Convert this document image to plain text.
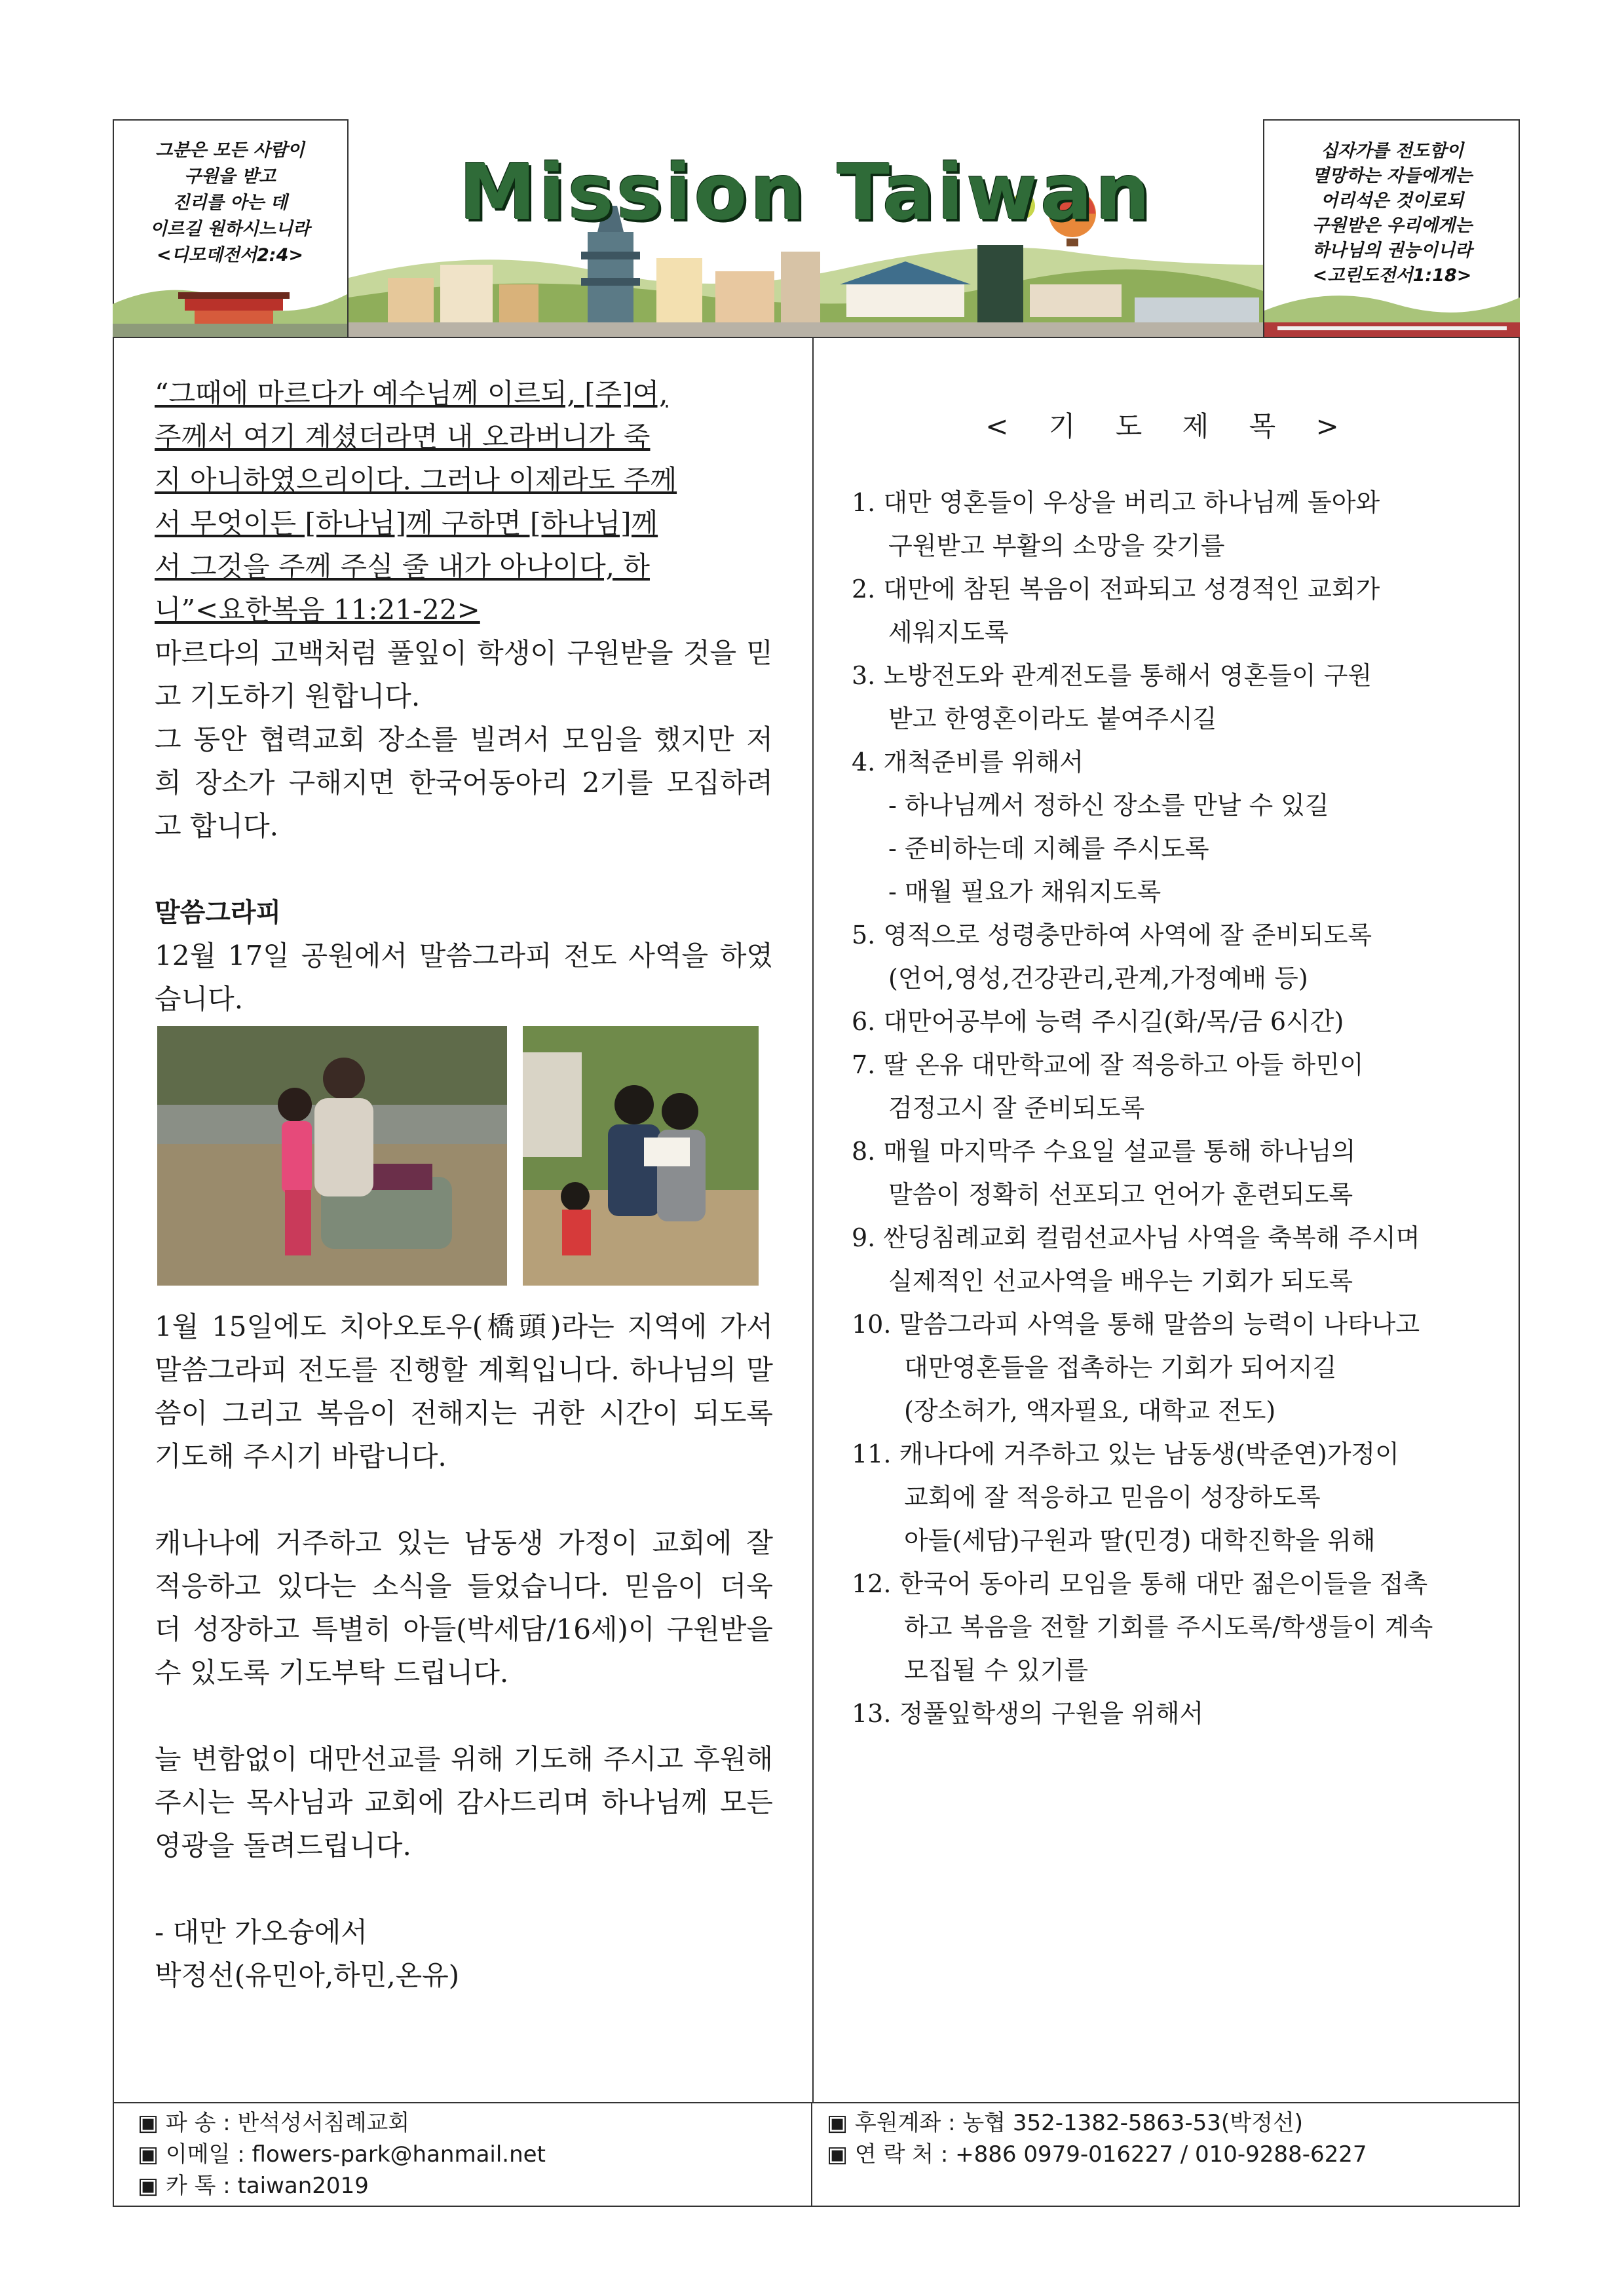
그분은 모든 사람이
구원을 받고
진리를 아는 데
이르길 원하시느니라
<디모데전서2:4>
Mission Taiwan	십자가를 전도함이
멸망하는 자들에게는
어리석은 것이로되
구원받은 우리에게는
하나님의 권능이니라
<고린도전서1:18>

“그때에 마르다가 예수님께 이르되, [주]여,

주께서 여기 계셨더라면 내 오라버니가 죽

지 아니하였으리이다. 그러나 이제라도 주께

서 무엇이든 [하나님]께 구하면 [하나님]께

서 그것을 주께 주실 줄 내가 아나이다, 하

니”<요한복음 11:21-22>

마르다의 고백처럼 풀잎이 학생이 구원받을 것을 믿고 기도하기 원합니다.

그 동안 협력교회 장소를 빌려서 모임을 했지만 저희 장소가 구해지면 한국어동아리 2기를 모집하려고 합니다.

말씀그라피

12월 17일 공원에서 말씀그라피 전도 사역을 하였습니다.

1월 15일에도 치아오토우(橋頭)라는 지역에 가서 말씀그라피 전도를 진행할 계획입니다. 하나님의 말씀이 그리고 복음이 전해지는 귀한 시간이 되도록 기도해 주시기 바랍니다.

캐나나에 거주하고 있는 남동생 가정이 교회에 잘 적응하고 있다는 소식을 들었습니다. 믿음이 더욱 더 성장하고 특별히 아들(박세담/16세)이 구원받을 수 있도록 기도부탁 드립니다.

늘 변함없이 대만선교를 위해 기도해 주시고 후원해 주시는 목사님과 교회에 감사드리며 하나님께 모든 영광을 돌려드립니다.

- 대만 가오슝에서

박정선(유민아,하민,온유)

< 기 도 제 목 >
1. 대만 영혼들이 우상을 버리고 하나님께 돌아와
구원받고 부활의 소망을 갖기를
2. 대만에 참된 복음이 전파되고 성경적인 교회가
세워지도록
3. 노방전도와 관계전도를 통해서 영혼들이 구원
받고 한영혼이라도 붙여주시길
4. 개척준비를 위해서
- 하나님께서 정하신 장소를 만날 수 있길
- 준비하는데 지혜를 주시도록
- 매월 필요가 채워지도록
5. 영적으로 성령충만하여 사역에 잘 준비되도록
(언어,영성,건강관리,관계,가정예배 등)
6. 대만어공부에 능력 주시길(화/목/금 6시간)
7. 딸 온유 대만학교에 잘 적응하고 아들 하민이
검정고시 잘 준비되도록
8. 매월 마지막주 수요일 설교를 통해 하나님의
말씀이 정확히 선포되고 언어가 훈련되도록
9. 싼딩침례교회 컬럼선교사님 사역을 축복해 주시며
실제적인 선교사역을 배우는 기회가 되도록
10. 말씀그라피 사역을 통해 말씀의 능력이 나타나고
대만영혼들을 접촉하는 기회가 되어지길
(장소허가, 액자필요, 대학교 전도)
11. 캐나다에 거주하고 있는 남동생(박준연)가정이
교회에 잘 적응하고 믿음이 성장하도록
아들(세담)구원과 딸(민경) 대학진학을 위해
12. 한국어 동아리 모임을 통해 대만 젊은이들을 접촉
하고 복음을 전할 기회를 주시도록/학생들이 계속
모집될 수 있기를
13. 정풀잎학생의 구원을 위해서
▣ 파 송 : 반석성서침례교회
▣ 이메일 : flowers-park@hanmail.net
▣ 카 톡 : taiwan2019
▣ 후원계좌 : 농협 352-1382-5863-53(박정선)
▣ 연 락 처 : +886 0979-016227 / 010-9288-6227
